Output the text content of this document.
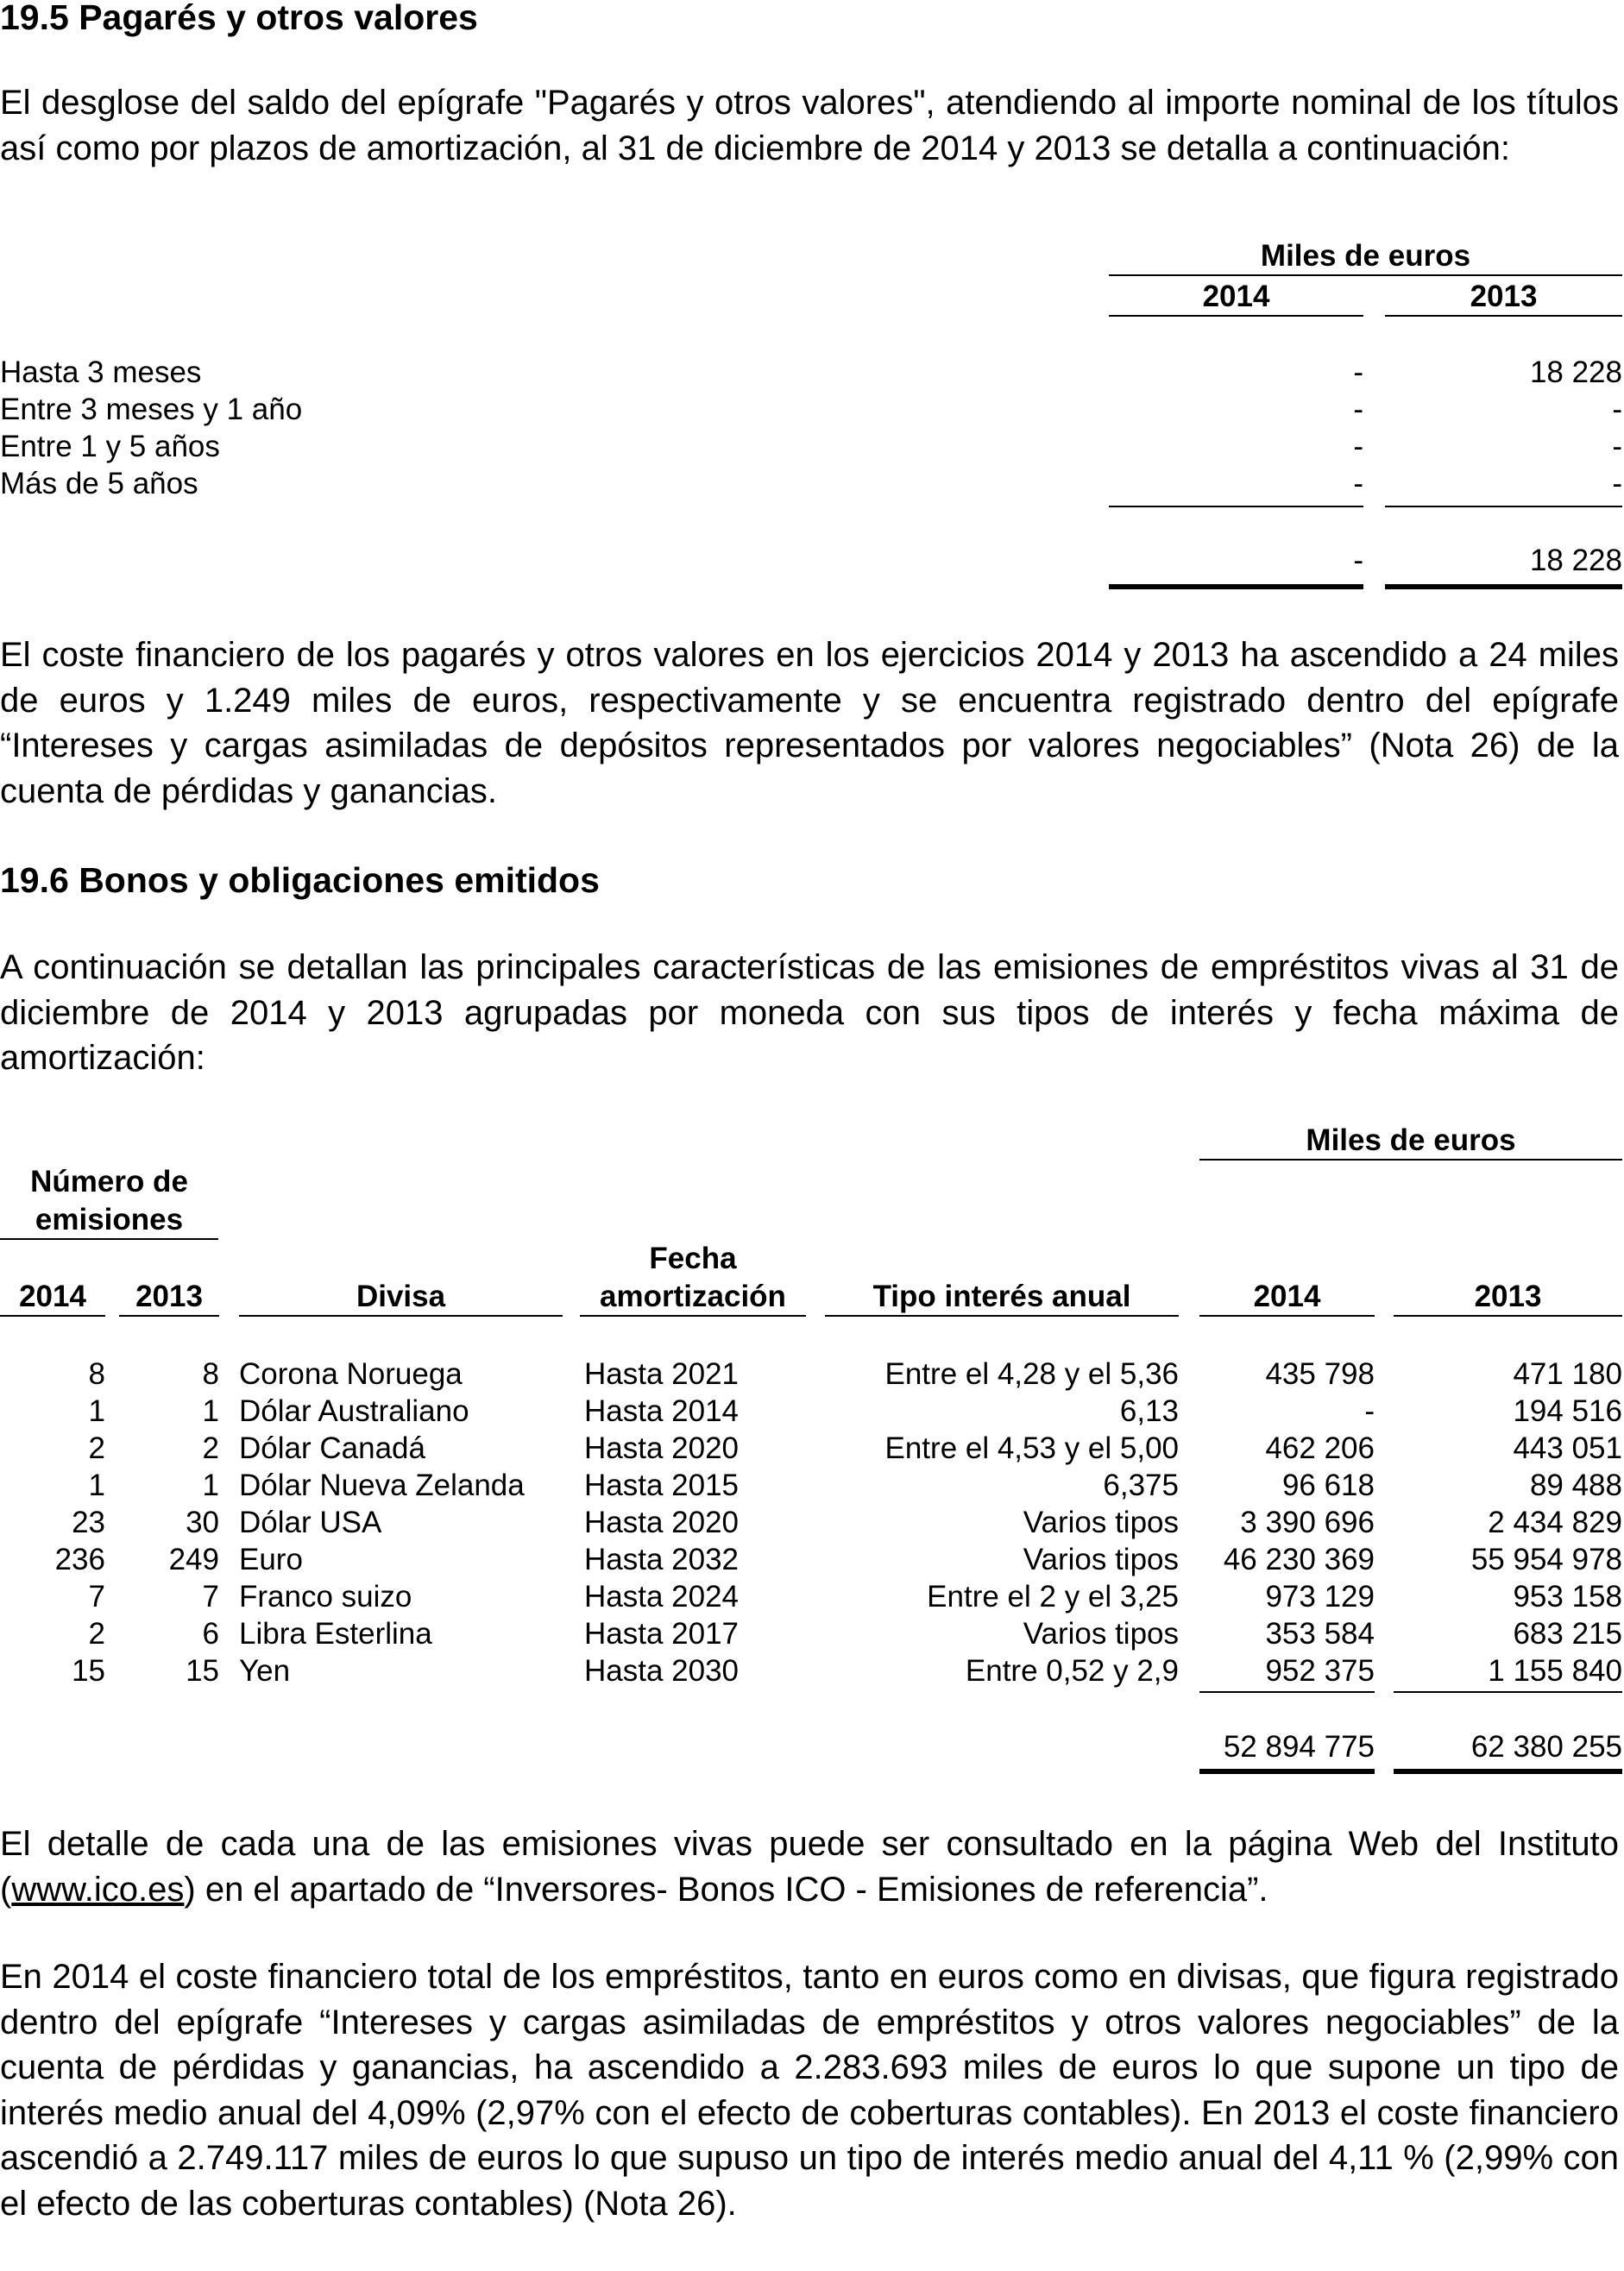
19.5 Pagarés y otros valores

El desglose del saldo del epígrafe "Pagarés y otros valores", atendiendo al importe nominal de los títulos así como por plazos de amortización, al 31 de diciembre de 2014 y 2013 se detalla a continuación:

Miles de euros
2014	2013
Hasta 3 meses	-	18 228
Entre 3 meses y 1 año	-	-
Entre 1 y 5 años	-	-
Más de 5 años	-	-
-	18 228

El coste financiero de los pagarés y otros valores en los ejercicios 2014 y 2013 ha ascendido a 24 miles de euros y 1.249 miles de euros, respectivamente y se encuentra registrado dentro del epígrafe “Intereses y cargas asimiladas de depósitos representados por valores negociables” (Nota 26) de la cuenta de pérdidas y ganancias.

19.6 Bonos y obligaciones emitidos

A continuación se detallan las principales características de las emisiones de empréstitos vivas al 31 de diciembre de 2014 y 2013 agrupadas por moneda con sus tipos de interés y fecha máxima de amortización:

Miles de euros
Número de
emisiones
Fecha
2014	2013	Divisa	amortización	Tipo interés anual	2014	2013
8	8 Corona Noruega	Hasta 2021	Entre el 4,28 y el 5,36	435 798	471 180
1	1 Dólar Australiano	Hasta 2014	6,13	-	194 516
2	2 Dólar Canadá	Hasta 2020	Entre el 4,53 y el 5,00	462 206	443 051
1	1 Dólar Nueva Zelanda Hasta 2015	6,375	96 618	89 488
23	30 Dólar USA	Hasta 2020	Varios tipos	3 390 696	2 434 829
236	249 Euro	Hasta 2032	Varios tipos	46 230 369	55 954 978
7	7 Franco suizo	Hasta 2024	Entre el 2 y el 3,25	973 129	953 158
2	6 Libra Esterlina	Hasta 2017	Varios tipos	353 584	683 215
15	15 Yen	Hasta 2030	Entre 0,52 y 2,9	952 375	1 155 840
52 894 775	62 380 255

El detalle de cada una de las emisiones vivas puede ser consultado en la página Web del Instituto (www.ico.es) en el apartado de “Inversores- Bonos ICO - Emisiones de referencia”.

En 2014 el coste financiero total de los empréstitos, tanto en euros como en divisas, que figura registrado dentro del epígrafe “Intereses y cargas asimiladas de empréstitos y otros valores negociables” de la cuenta de pérdidas y ganancias, ha ascendido a 2.283.693 miles de euros lo que supone un tipo de interés medio anual del 4,09% (2,97% con el efecto de coberturas contables). En 2013 el coste financiero ascendió a 2.749.117 miles de euros lo que supuso un tipo de interés medio anual del 4,11 % (2,99% con el efecto de las coberturas contables) (Nota 26).
